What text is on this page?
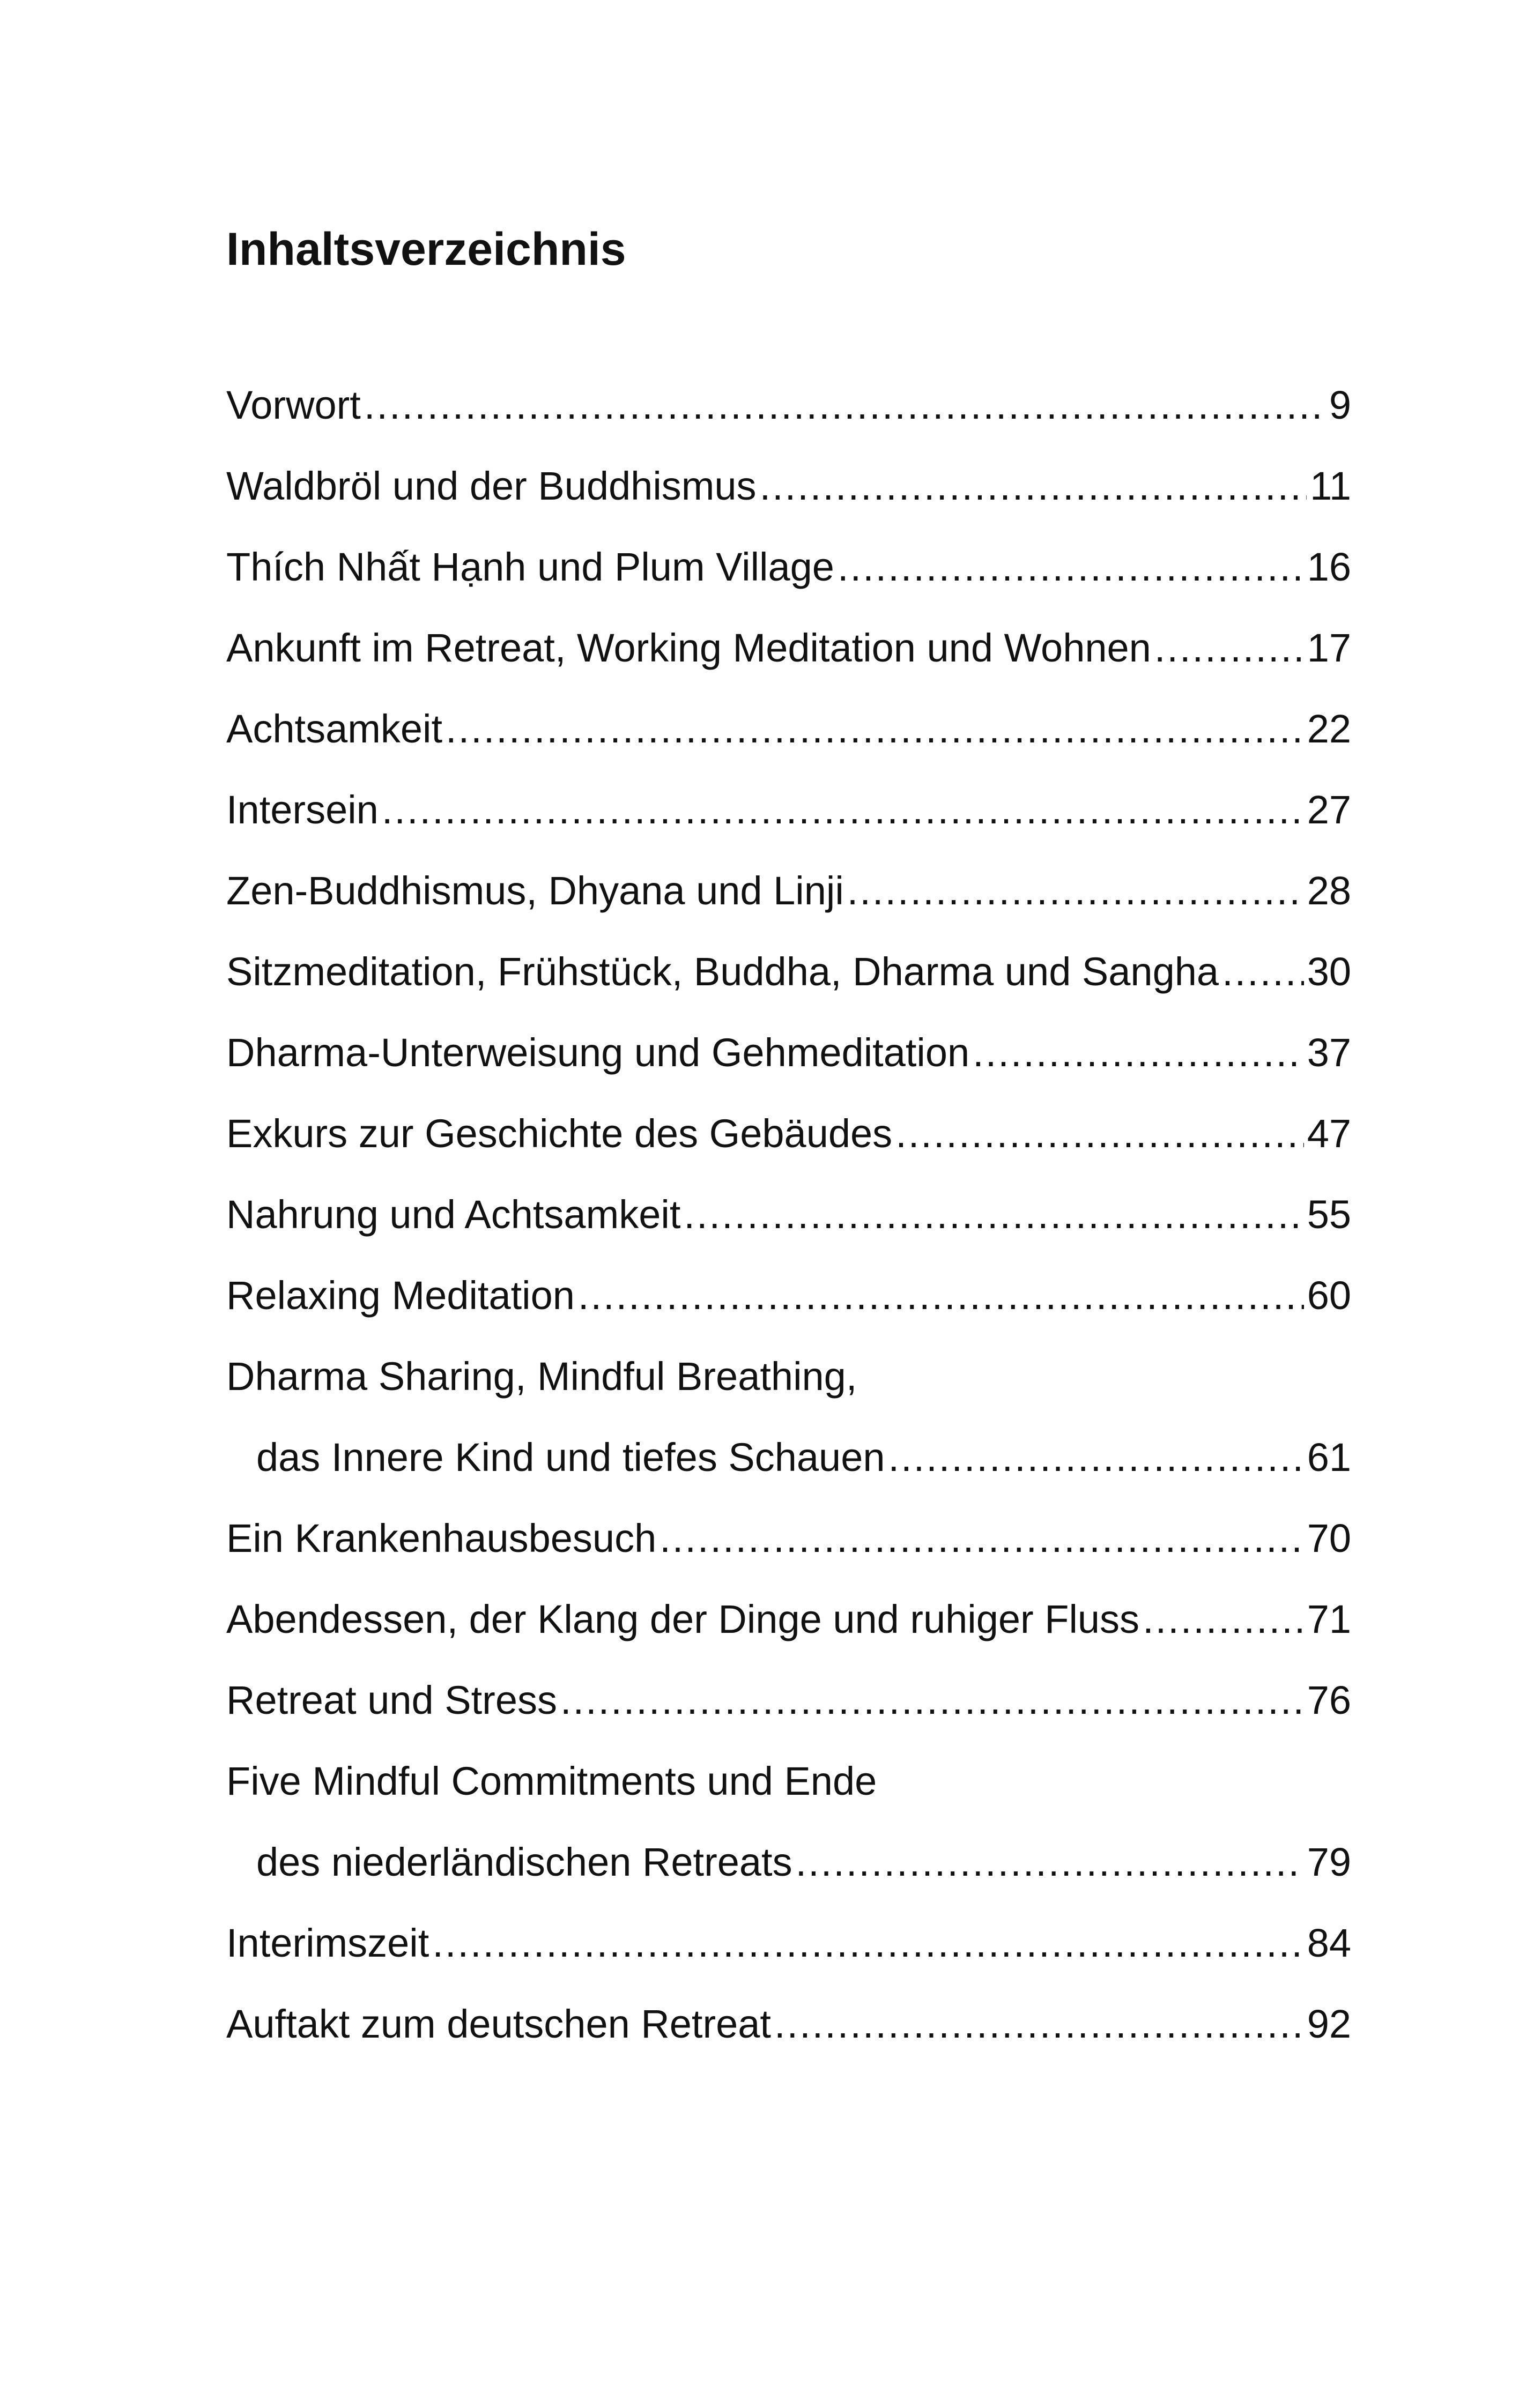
Inhaltsverzeichnis
Vorwort .....	9
Waldbröl und der Buddhismus .....	11
Thích Nhất Hạnh und Plum Village .....	16
Ankunft im Retreat, Working Meditation und Wohnen .....	17
Achtsamkeit .....	22
Intersein .....	27
Zen-Buddhismus, Dhyana und Linji .....	28
Sitzmeditation, Frühstück, Buddha, Dharma und Sangha ..... 30
Dharma-Unterweisung und Gehmeditation .....	37
Exkurs zur Geschichte des Gebäudes .....	47
Nahrung und Achtsamkeit .....	55
Relaxing Meditation .....	60
Dharma Sharing, Mindful Breathing,
das Innere Kind und tiefes Schauen .....	61
Ein Krankenhausbesuch .....	70
Abendessen, der Klang der Dinge und ruhiger Fluss .....	71
Retreat und Stress .....	76
Five Mindful Commitments und Ende
des niederländischen Retreats .....	79
Interimszeit .....	84
Auftakt zum deutschen Retreat .....	92
